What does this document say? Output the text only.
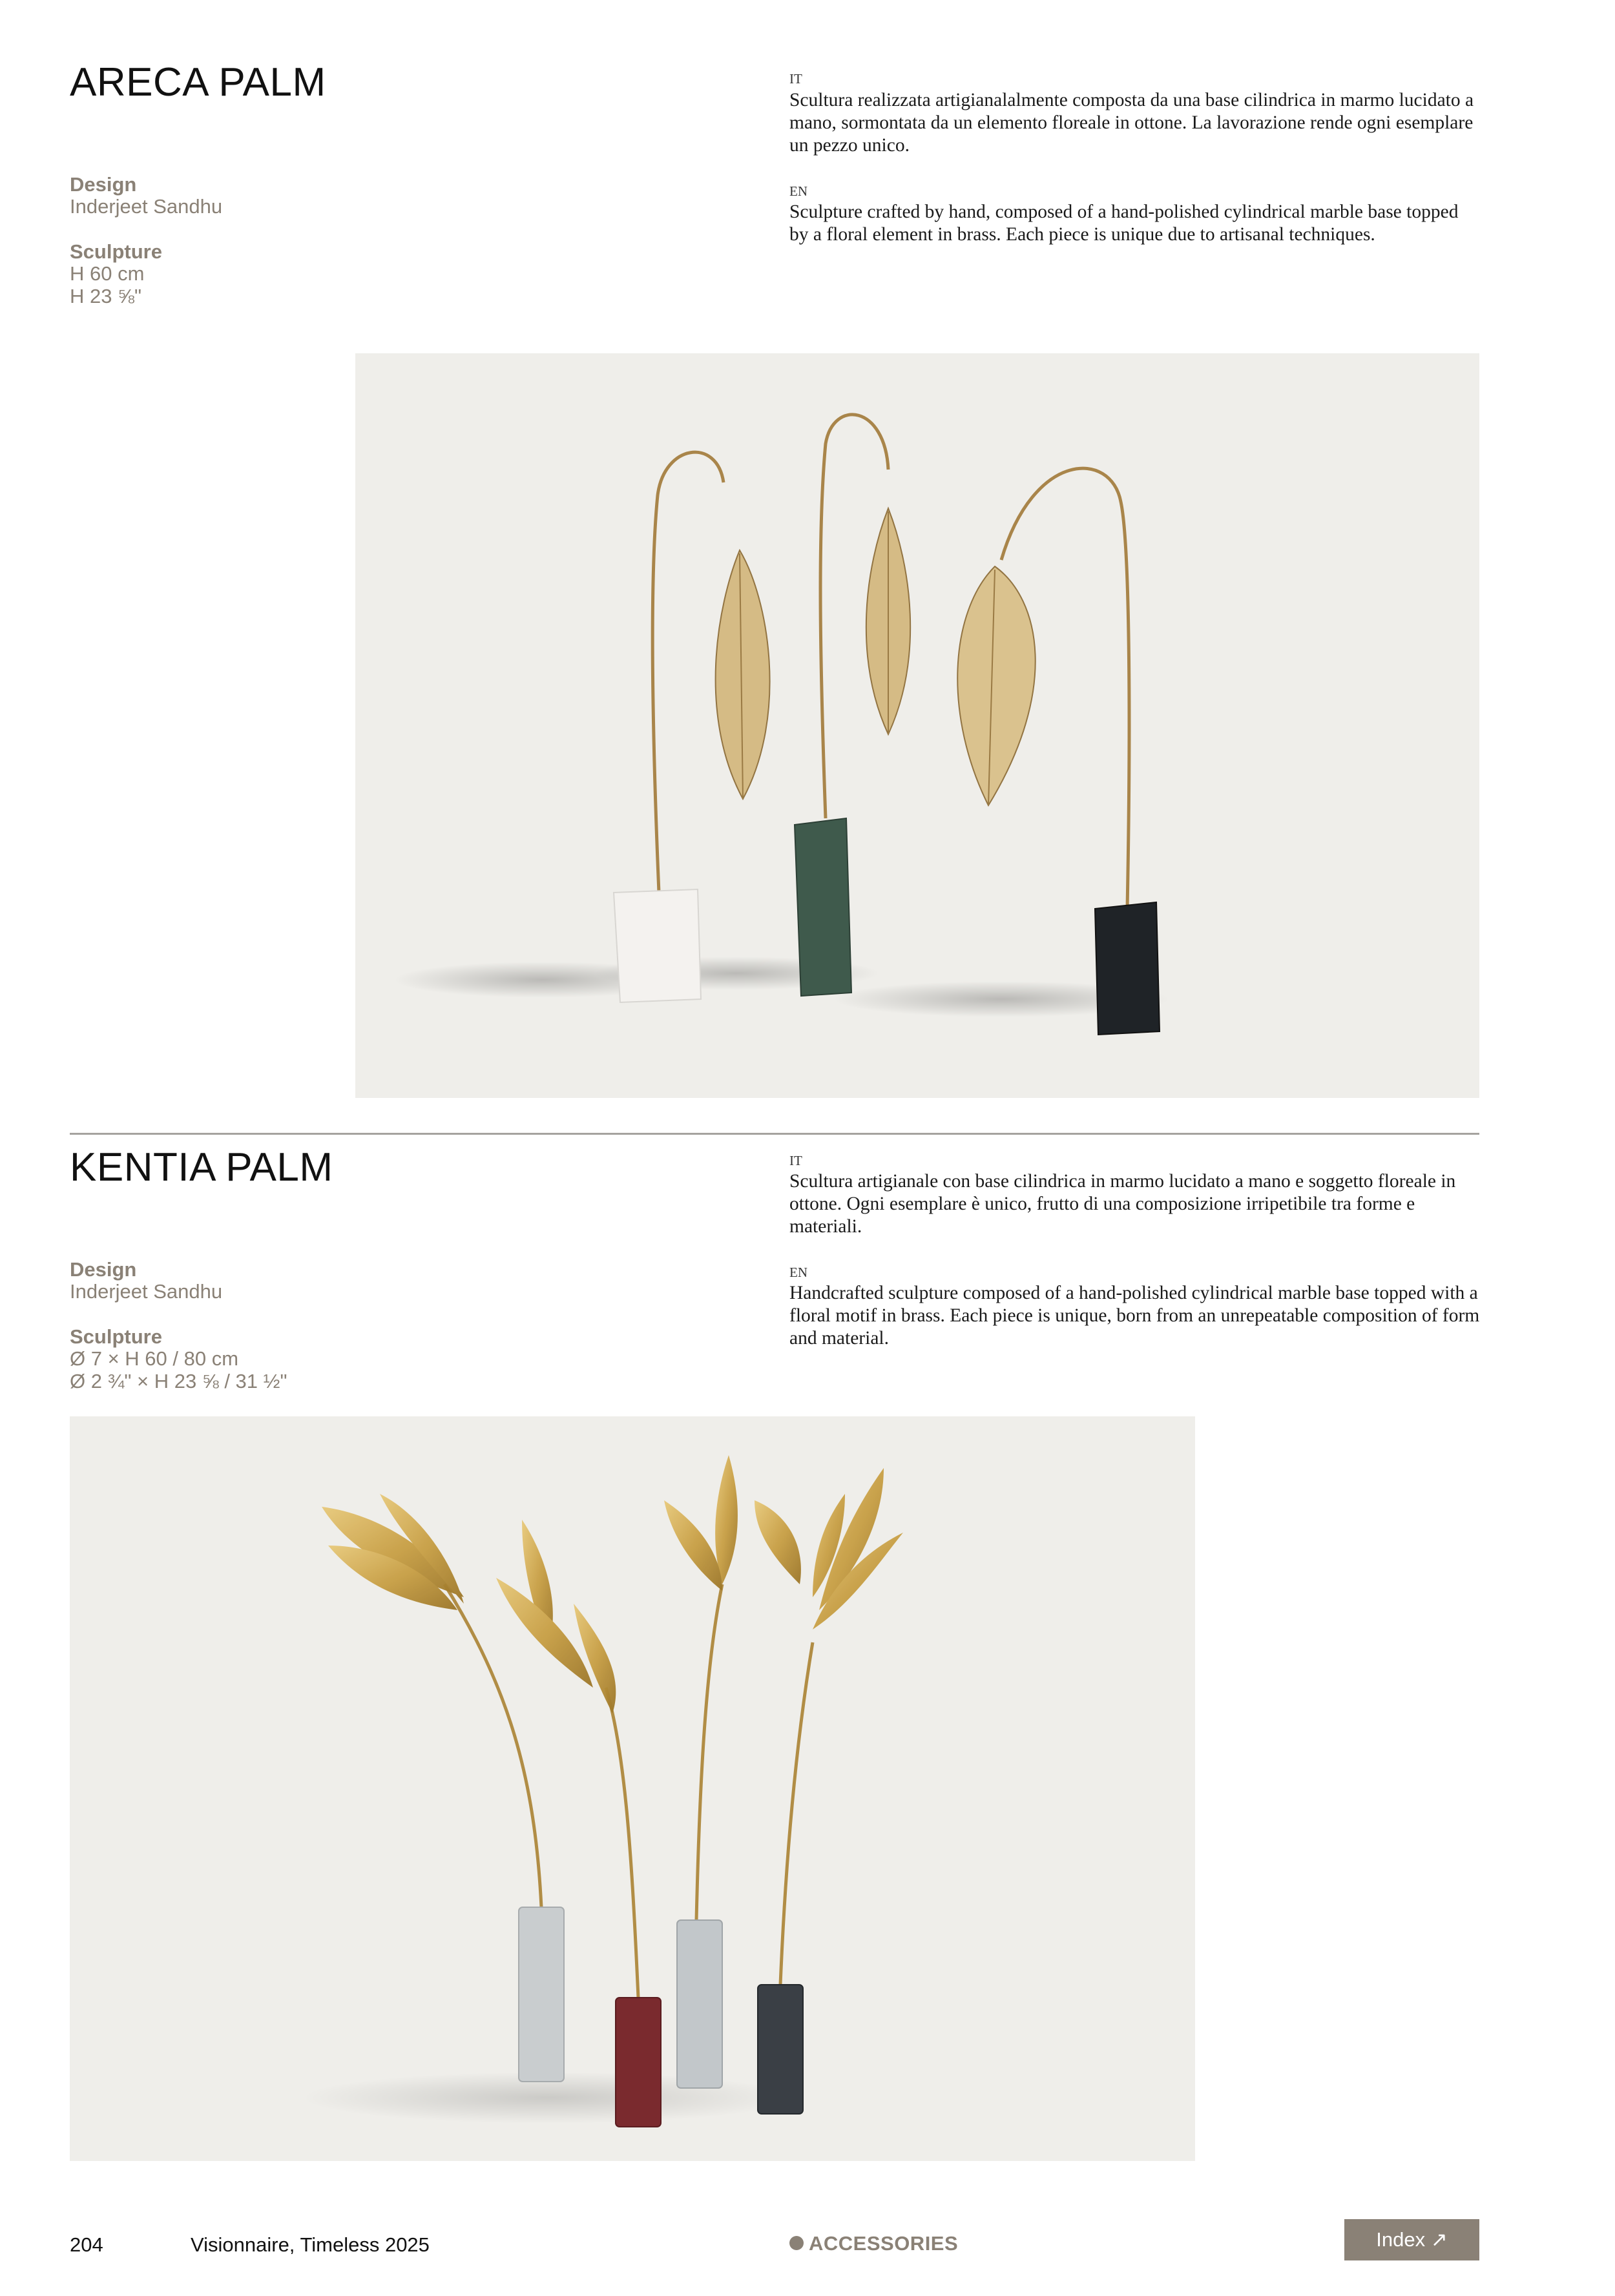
ARECA PALM
Design
Inderjeet Sandhu
Sculpture
H 60 cm
H 23 ⅝"
IT
Scultura realizzata artigianalalmente composta da una base cilindrica in marmo lucidato a mano, sormontata da un elemento floreale in ottone. La lavorazione rende ogni esemplare un pezzo unico.
EN
Sculpture crafted by hand, composed of a hand-polished cylindrical marble base topped by a floral element in brass. Each piece is unique due to artisanal techniques.
KENTIA PALM
Design
Inderjeet Sandhu
Sculpture
Ø 7 × H 60 / 80 cm
Ø 2 ¾" × H 23 ⅝ / 31 ½"
IT
Scultura artigianale con base cilindrica in marmo lucidato a mano e soggetto floreale in ottone. Ogni esemplare è unico, frutto di una composizione irripetibile tra forme e materiali.
EN
Handcrafted sculpture composed of a hand-polished cylindrical marble base topped with a floral motif in brass. Each piece is unique, born from an unrepeatable composition of form and material.
204	Visionnaire, Timeless 2025	ACCESSORIES	Index ↗
